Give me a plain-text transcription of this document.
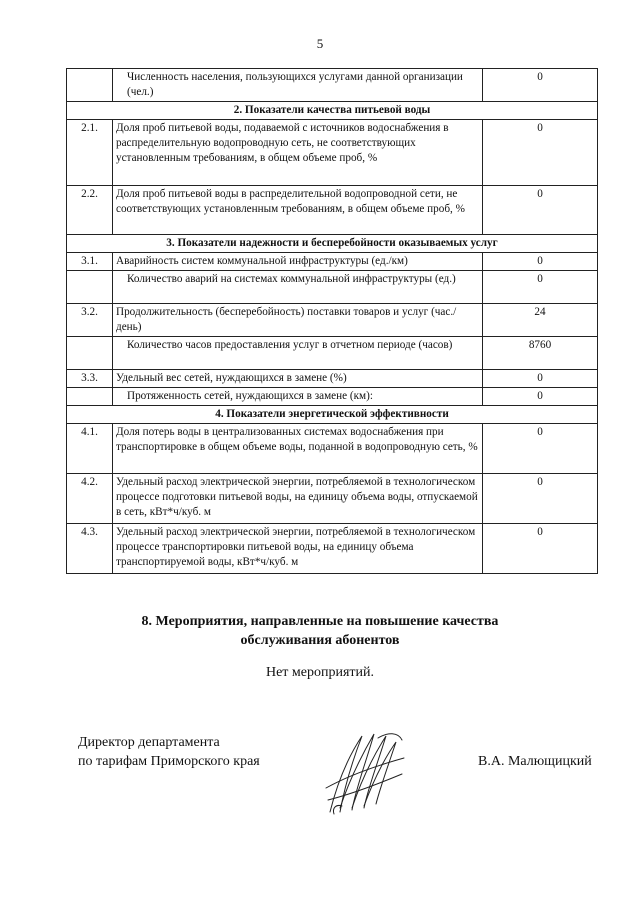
5
	Численность населения, пользующихся услугами данной организации (чел.)	0
2. Показатели качества питьевой воды		
2.1.	Доля проб питьевой воды, подаваемой с источников водоснабжения в распределительную водопроводную сеть, не соответствующих установленным требованиям, в общем объеме проб, %	0
2.2.	Доля проб питьевой воды в распределительной водопроводной сети, не соответствующих установленным требованиям, в общем объеме проб, %	0
3. Показатели надежности и бесперебойности оказываемых услуг		
3.1.	Аварийность систем коммунальной инфраструктуры (ед./км)	0
	Количество аварий на системах коммунальной инфраструктуры (ед.)	0
3.2.	Продолжительность (бесперебойность) поставки товаров и услуг (час./день)	24
	Количество часов предоставления услуг в отчетном периоде (часов)	8760
3.3.	Удельный вес сетей, нуждающихся в замене (%)	0
	Протяженность сетей, нуждающихся в замене (км):	0
4. Показатели энергетической эффективности		
4.1.	Доля потерь воды в централизованных системах водоснабжения при транспортировке в общем объеме воды, поданной в водопроводную сеть, %	0
4.2.	Удельный расход электрической энергии, потребляемой в технологическом процессе подготовки питьевой воды, на единицу объема воды, отпускаемой в сеть, кВт*ч/куб. м	0
4.3.	Удельный расход электрической энергии, потребляемой в технологическом процессе транспортировки питьевой воды, на единицу объема транспортируемой воды, кВт*ч/куб. м	0
8. Мероприятия, направленные на повышение качества
обслуживания абонентов
Нет мероприятий.
Директор департамента
по тарифам Приморского края	В.А. Малющицкий
